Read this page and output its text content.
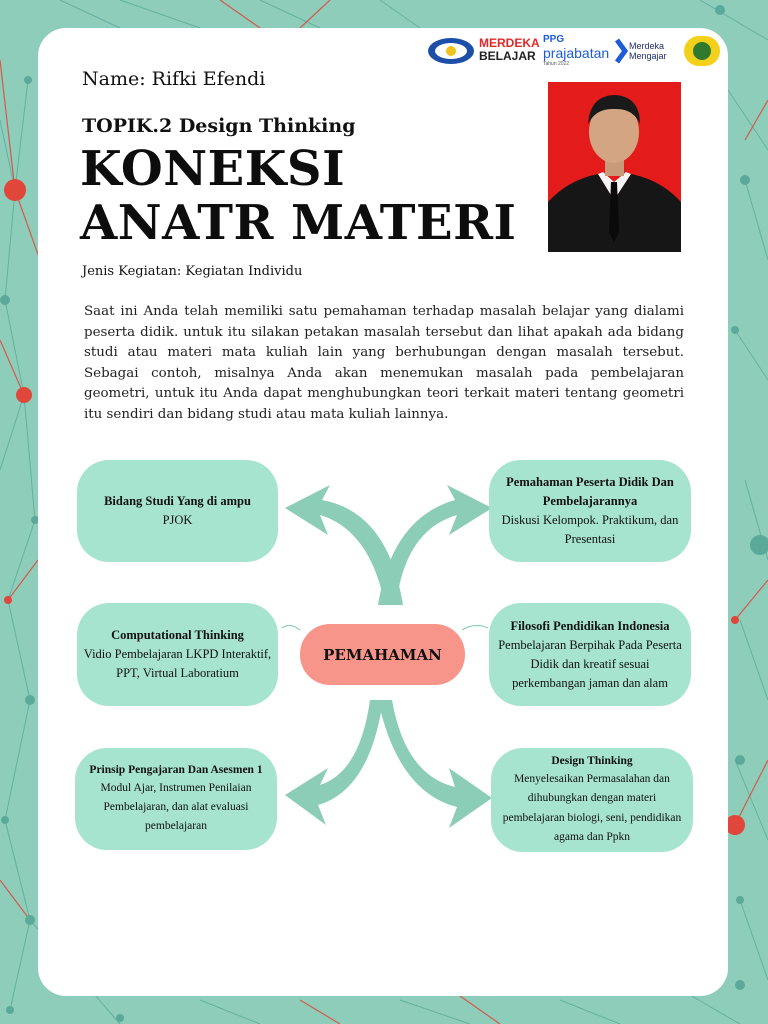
MERDEKA
BELAJAR
PPG
prajabatan
Tahun 2022
Merdeka
Mengajar
Name: Rifki Efendi
TOPIK.2 Design Thinking
KONEKSI
ANATR MATERI
Jenis Kegiatan: Kegiatan Individu
Saat ini Anda telah memiliki satu pemahaman terhadap masalah belajar yang dialami peserta didik. untuk itu silakan petakan masalah tersebut dan lihat apakah ada bidang studi atau materi mata kuliah lain yang berhubungan dengan masalah tersebut. Sebagai contoh, misalnya Anda akan menemukan masalah pada pembelajaran geometri, untuk itu Anda dapat menghubungkan teori terkait materi tentang geometri itu sendiri dan bidang studi atau mata kuliah lainnya.
Bidang Studi Yang di ampu
PJOK
Pemahaman Peserta Didik Dan Pembelajarannya
Diskusi Kelompok. Praktikum, dan Presentasi
Computational Thinking
Vidio Pembelajaran LKPD Interaktif, PPT, Virtual Laboratium
PEMAHAMAN
Filosofi Pendidikan Indonesia
Pembelajaran Berpihak Pada Peserta Didik dan kreatif sesuai perkembangan jaman dan alam
Prinsip Pengajaran Dan Asesmen 1
Modul Ajar, Instrumen Penilaian Pembelajaran, dan alat evaluasi pembelajaran
Design Thinking
Menyelesaikan Permasalahan dan dihubungkan dengan materi pembelajaran biologi, seni, pendidikan agama dan Ppkn
